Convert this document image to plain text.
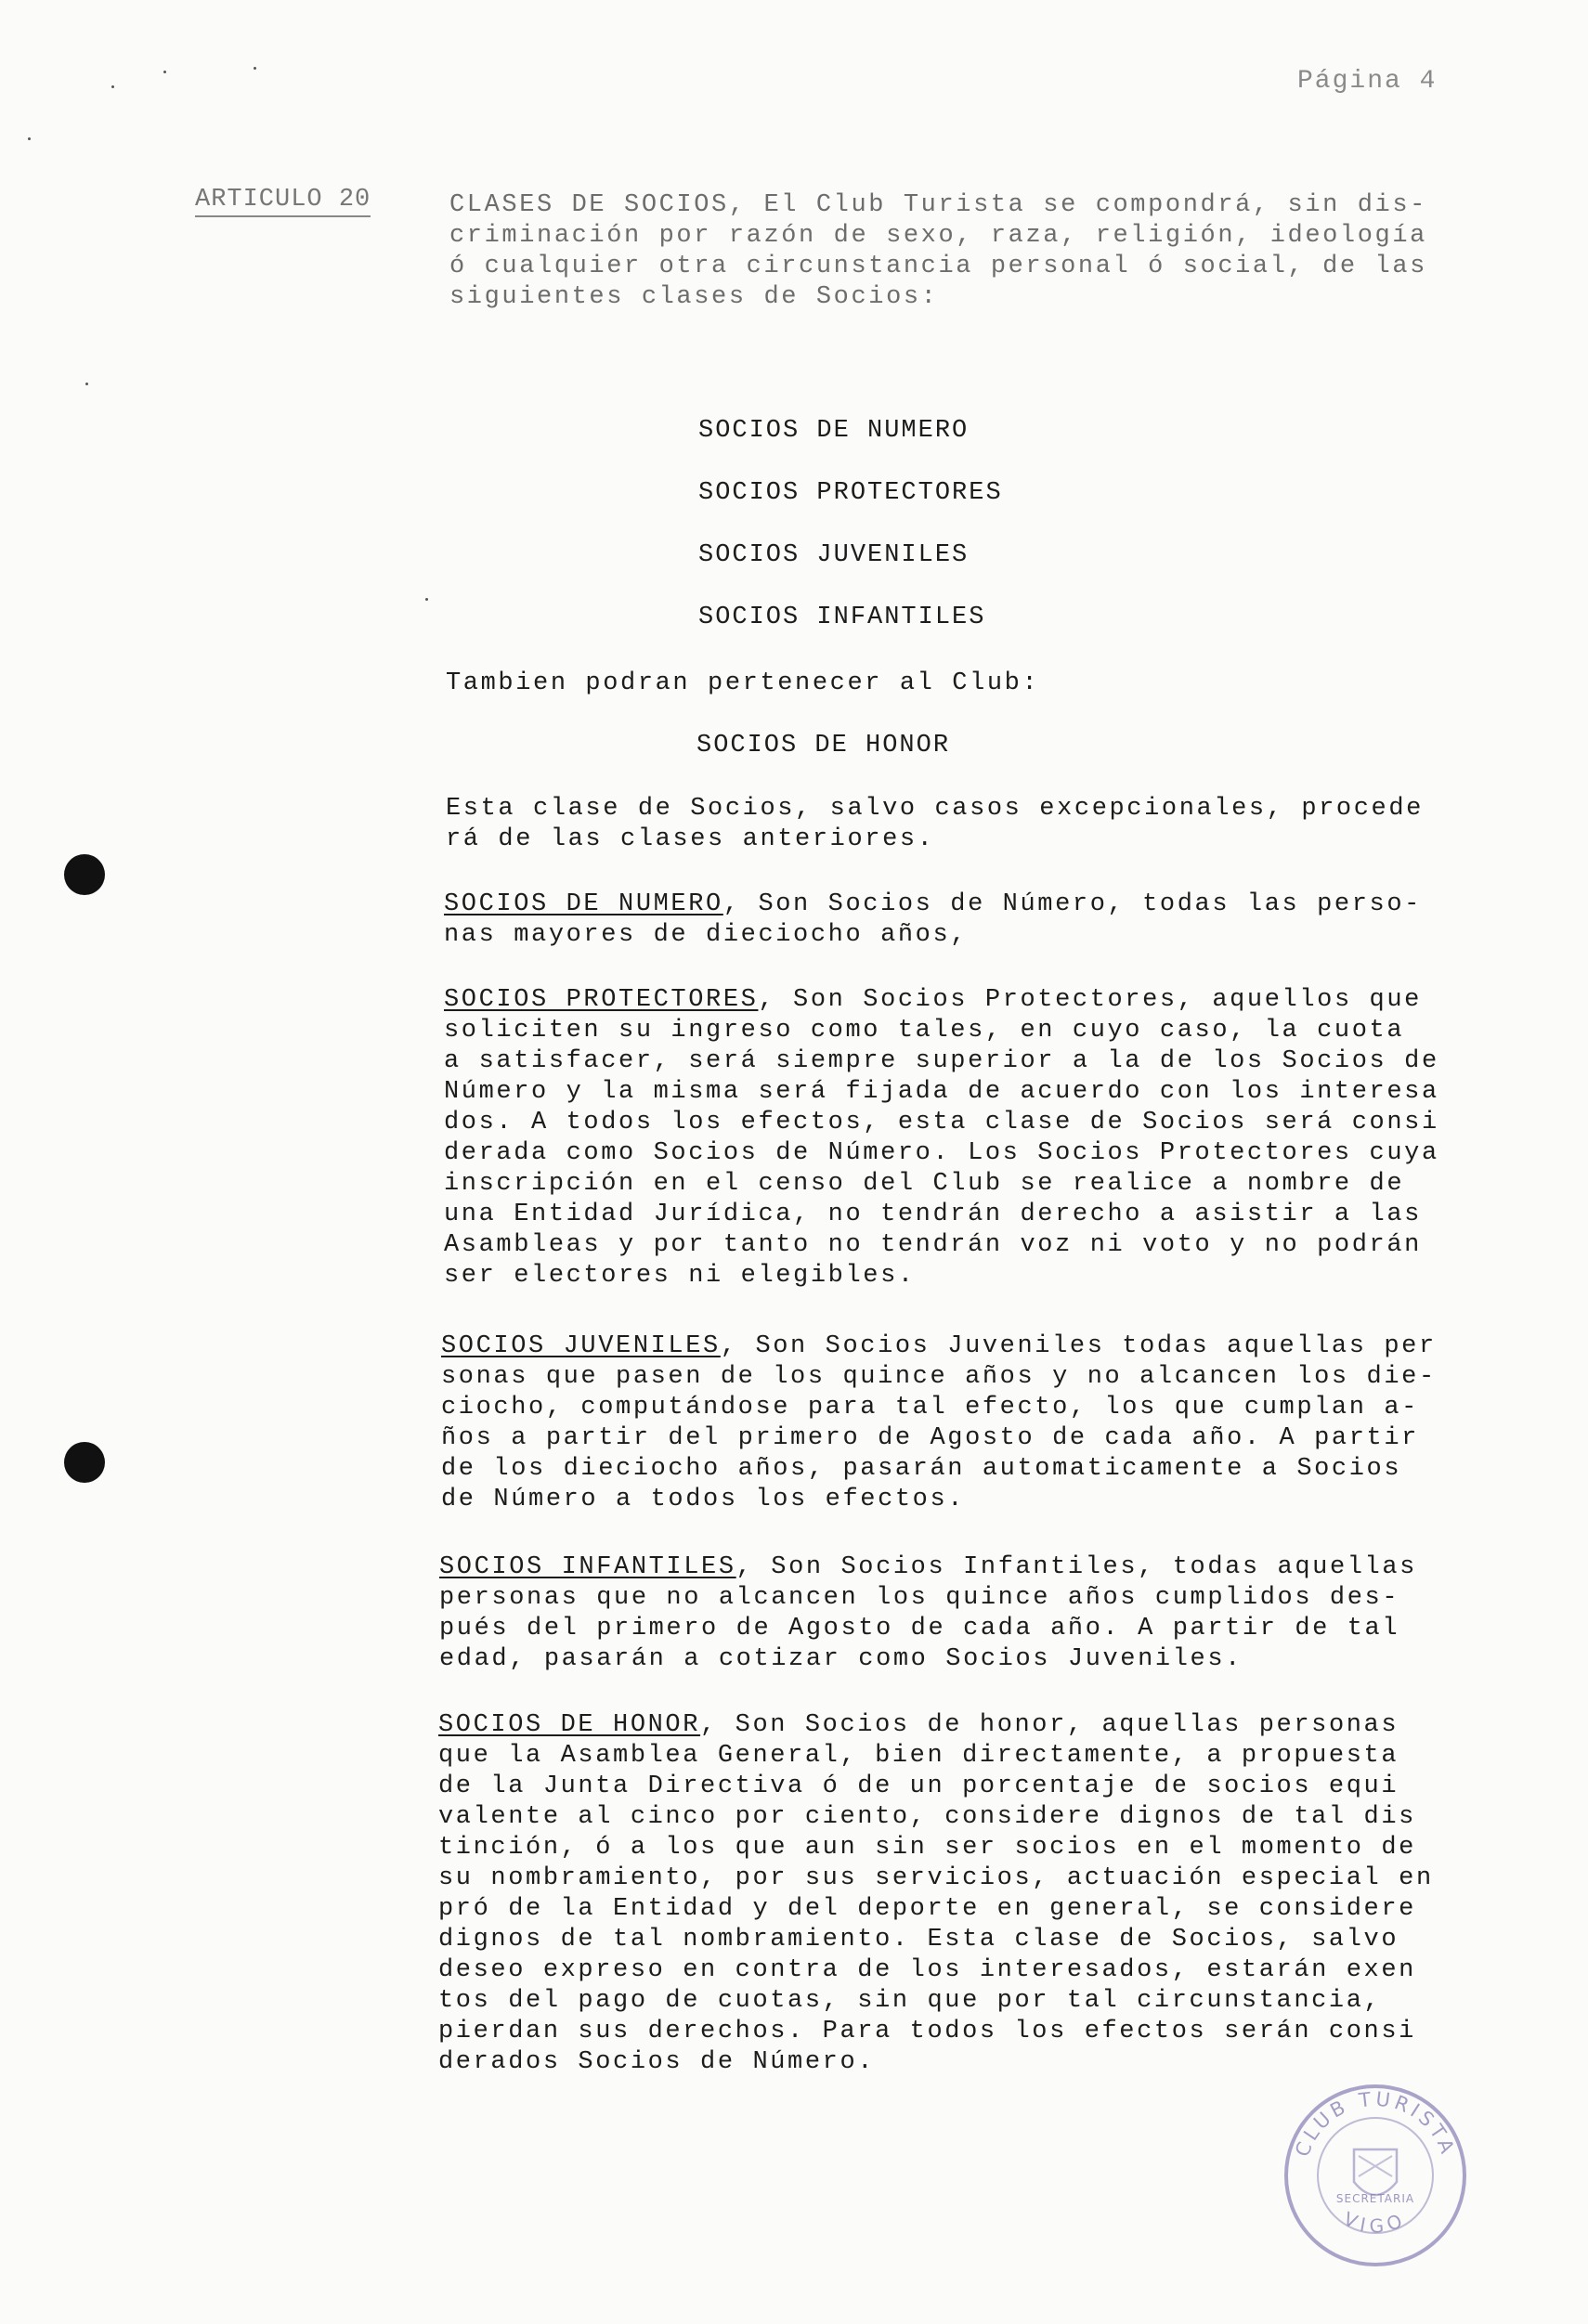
Página 4
ARTICULO 20	CLASES DE SOCIOS, El Club Turista se compondrá, sin dis-
criminación por razón de sexo, raza, religión, ideología
ó cualquier otra circunstancia personal ó social, de las
siguientes clases de Socios:
SOCIOS DE NUMERO
SOCIOS PROTECTORES
SOCIOS JUVENILES
SOCIOS INFANTILES
Tambien podran pertenecer al Club:
SOCIOS DE HONOR
Esta clase de Socios, salvo casos excepcionales, procede
rá de las clases anteriores.
SOCIOS DE NUMERO, Son Socios de Número, todas las perso-
nas mayores de dieciocho años,
SOCIOS PROTECTORES, Son Socios Protectores, aquellos que
soliciten su ingreso como tales, en cuyo caso, la cuota
a satisfacer, será siempre superior a la de los Socios de
Número y la misma será fijada de acuerdo con los interesa
dos. A todos los efectos, esta clase de Socios será consi
derada como Socios de Número. Los Socios Protectores cuya
inscripción en el censo del Club se realice a nombre de
una Entidad Jurídica, no tendrán derecho a asistir a las
Asambleas y por tanto no tendrán voz ni voto y no podrán
ser electores ni elegibles.
SOCIOS JUVENILES, Son Socios Juveniles todas aquellas per
sonas que pasen de los quince años y no alcancen los die-
ciocho, computándose para tal efecto, los que cumplan a-
ños a partir del primero de Agosto de cada año. A partir
de los dieciocho años, pasarán automaticamente a Socios
de Número a todos los efectos.
SOCIOS INFANTILES, Son Socios Infantiles, todas aquellas
personas que no alcancen los quince años cumplidos des-
pués del primero de Agosto de cada año. A partir de tal
edad, pasarán a cotizar como Socios Juveniles.
SOCIOS DE HONOR, Son Socios de honor, aquellas personas
que la Asamblea General, bien directamente, a propuesta
de la Junta Directiva ó de un porcentaje de socios equi
valente al cinco por ciento, considere dignos de tal dis
tinción, ó a los que aun sin ser socios en el momento de
su nombramiento, por sus servicios, actuación especial en
pró de la Entidad y del deporte en general, se considere
dignos de tal nombramiento. Esta clase de Socios, salvo
deseo expreso en contra de los interesados, estarán exen
tos del pago de cuotas, sin que por tal circunstancia,
pierdan sus derechos. Para todos los efectos serán consi
derados Socios de Número.
CLUB TURISTA
VIGO
SECRETARIA
